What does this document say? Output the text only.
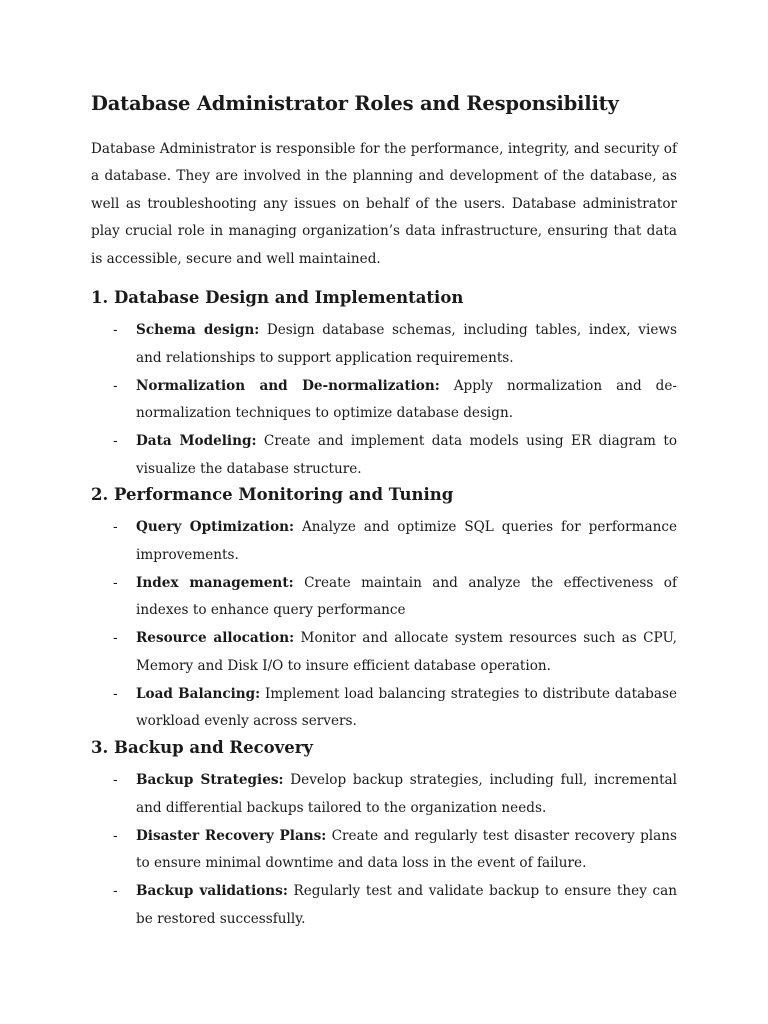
Database Administrator Roles and Responsibility

Database Administrator is responsible for the performance, integrity, and security of a database. They are involved in the planning and development of the database, as well as troubleshooting any issues on behalf of the users. Database administrator play crucial role in managing organization’s data infrastructure, ensuring that data is accessible, secure and well maintained.

1. Database Design and Implementation
- Schema design: Design database schemas, including tables, index, views and relationships to support application requirements.

- Normalization and De-normalization: Apply normalization and de-normalization techniques to optimize database design.

- Data Modeling: Create and implement data models using ER diagram to visualize the database structure.

2. Performance Monitoring and Tuning
- Query Optimization: Analyze and optimize SQL queries for performance improvements.

- Index management: Create maintain and analyze the effectiveness of indexes to enhance query performance

- Resource allocation: Monitor and allocate system resources such as CPU, Memory and Disk I/O to insure efficient database operation.

- Load Balancing: Implement load balancing strategies to distribute database workload evenly across servers.

3. Backup and Recovery
- Backup Strategies: Develop backup strategies, including full, incremental and differential backups tailored to the organization needs.

- Disaster Recovery Plans: Create and regularly test disaster recovery plans to ensure minimal downtime and data loss in the event of failure.

- Backup validations: Regularly test and validate backup to ensure they can be restored successfully.
